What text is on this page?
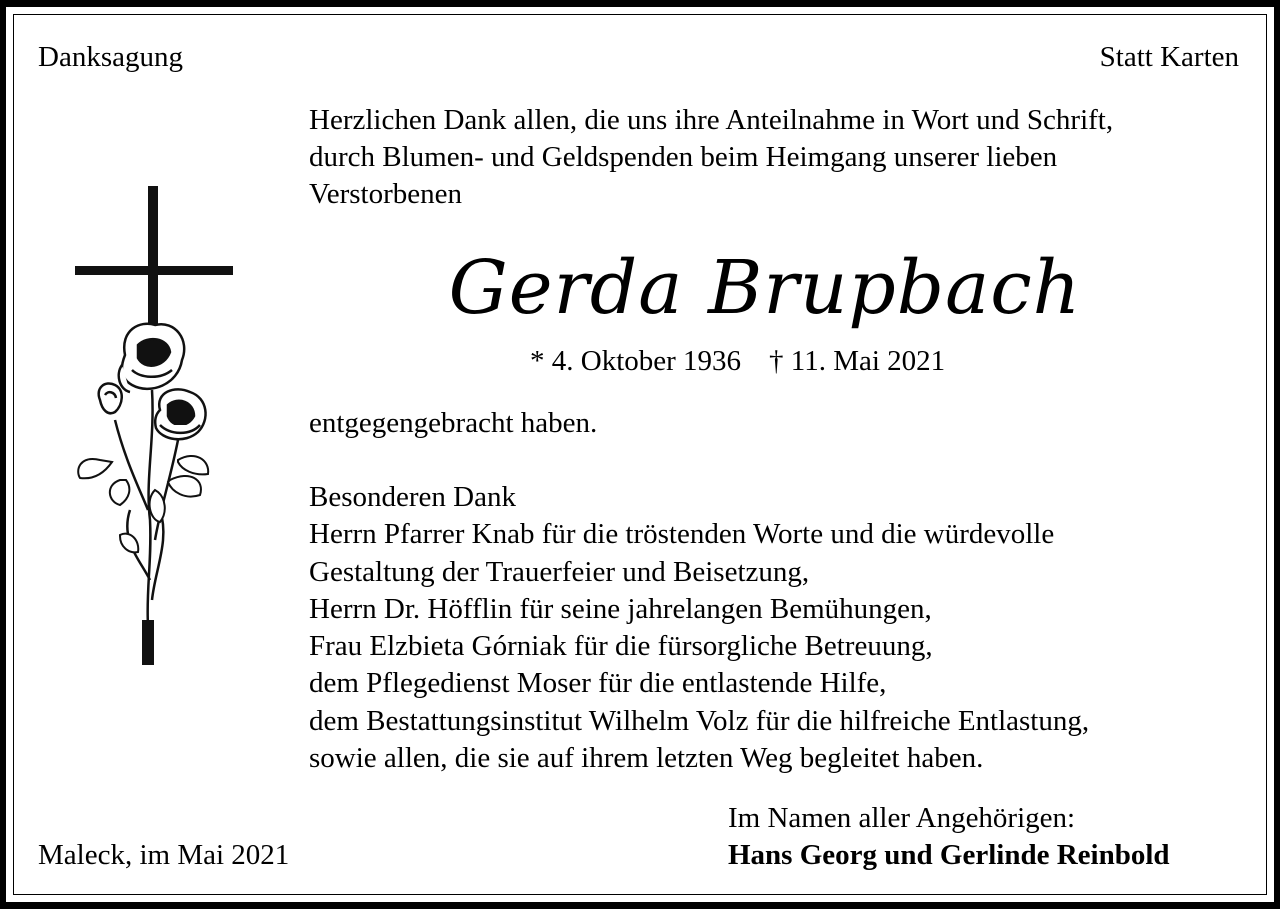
Danksagung	Statt Karten
Herzlichen Dank allen, die uns ihre Anteilnahme in Wort und Schrift,
durch Blumen- und Geldspenden beim Heimgang unserer lieben
Verstorbenen
Gerda Brupbach
* 4. Oktober 1936 † 11. Mai 2021
entgegengebracht haben.
Besonderen Dank
Herrn Pfarrer Knab für die tröstenden Worte und die würdevolle
Gestaltung der Trauerfeier und Beisetzung,
Herrn Dr. Höfflin für seine jahrelangen Bemühungen,
Frau Elzbieta Górniak für die fürsorgliche Betreuung,
dem Pflegedienst Moser für die entlastende Hilfe,
dem Bestattungsinstitut Wilhelm Volz für die hilfreiche Entlastung,
sowie allen, die sie auf ihrem letzten Weg begleitet haben.
Im Namen aller Angehörigen:
Hans Georg und Gerlinde Reinbold
Maleck, im Mai 2021
